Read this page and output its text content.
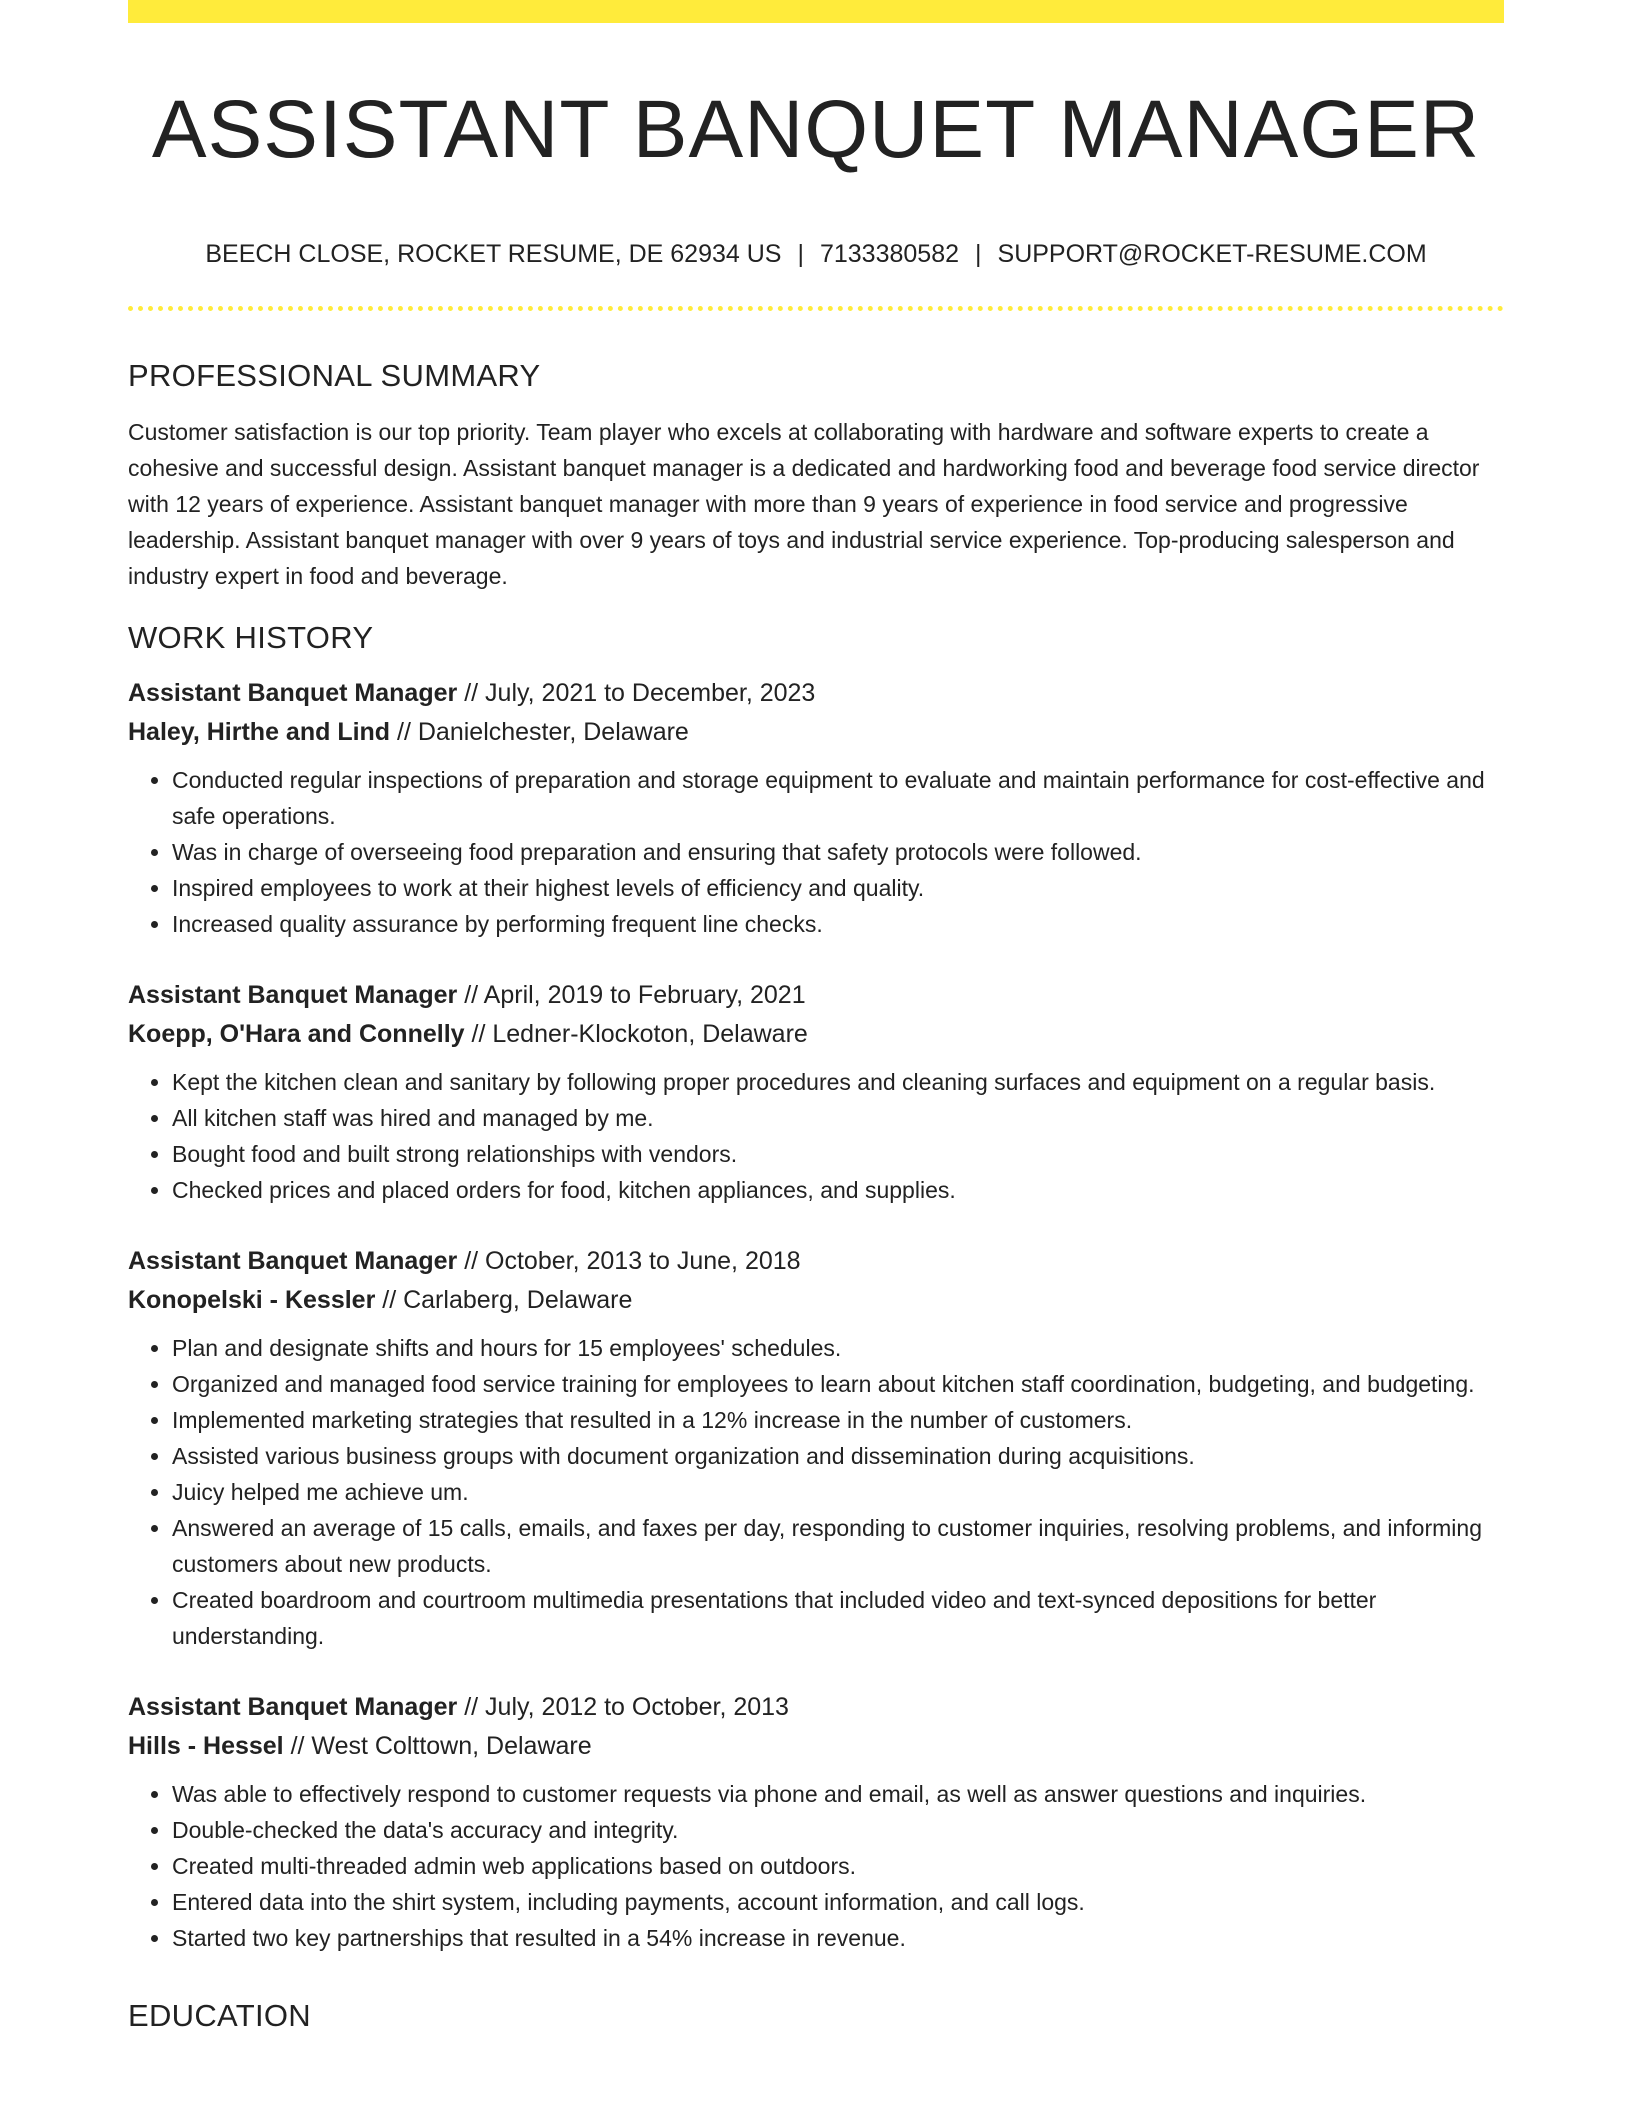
ASSISTANT BANQUET MANAGER
BEECH CLOSE, ROCKET RESUME, DE 62934 US | 7133380582 | SUPPORT@ROCKET-RESUME.COM
PROFESSIONAL SUMMARY

Customer satisfaction is our top priority. Team player who excels at collaborating with hardware and software experts to create a cohesive and successful design. Assistant banquet manager is a dedicated and hardworking food and beverage food service director with 12 years of experience. Assistant banquet manager with more than 9 years of experience in food service and progressive leadership. Assistant banquet manager with over 9 years of toys and industrial service experience. Top-producing salesperson and industry expert in food and beverage.

WORK HISTORY
Assistant Banquet Manager // July, 2021 to December, 2023
Haley, Hirthe and Lind // Danielchester, Delaware
• Conducted regular inspections of preparation and storage equipment to evaluate and maintain performance for cost-effective and safe operations.
• Was in charge of overseeing food preparation and ensuring that safety protocols were followed.
• Inspired employees to work at their highest levels of efficiency and quality.
• Increased quality assurance by performing frequent line checks.
Assistant Banquet Manager // April, 2019 to February, 2021
Koepp, O'Hara and Connelly // Ledner-Klockoton, Delaware
• Kept the kitchen clean and sanitary by following proper procedures and cleaning surfaces and equipment on a regular basis.
• All kitchen staff was hired and managed by me.
• Bought food and built strong relationships with vendors.
• Checked prices and placed orders for food, kitchen appliances, and supplies.
Assistant Banquet Manager // October, 2013 to June, 2018
Konopelski - Kessler // Carlaberg, Delaware
• Plan and designate shifts and hours for 15 employees' schedules.
• Organized and managed food service training for employees to learn about kitchen staff coordination, budgeting, and budgeting.
• Implemented marketing strategies that resulted in a 12% increase in the number of customers.
• Assisted various business groups with document organization and dissemination during acquisitions.
• Juicy helped me achieve um.
• Answered an average of 15 calls, emails, and faxes per day, responding to customer inquiries, resolving problems, and informing customers about new products.
• Created boardroom and courtroom multimedia presentations that included video and text-synced depositions for better understanding.
Assistant Banquet Manager // July, 2012 to October, 2013
Hills - Hessel // West Colttown, Delaware
• Was able to effectively respond to customer requests via phone and email, as well as answer questions and inquiries.
• Double-checked the data's accuracy and integrity.
• Created multi-threaded admin web applications based on outdoors.
• Entered data into the shirt system, including payments, account information, and call logs.
• Started two key partnerships that resulted in a 54% increase in revenue.
EDUCATION
